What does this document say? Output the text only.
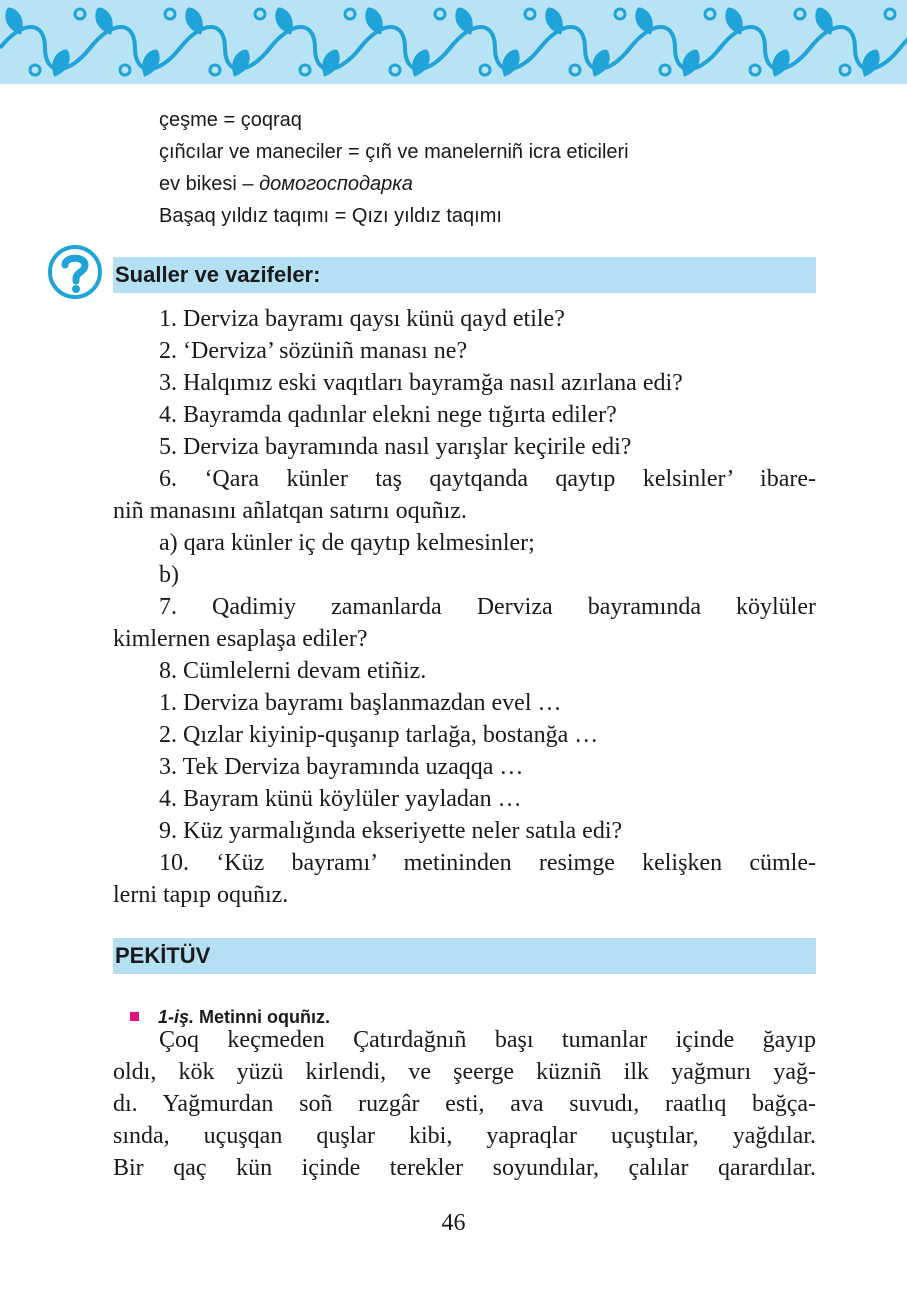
çeşme = çoqraq
çıñcılar ve maneciler = çıñ ve manelerniñ icra eticileri
ev bikesi – домогосподарка
Başaq yıldız taqımı = Qızı yıldız taqımı
Sualler ve vazifeler:
1. Derviza bayramı qaysı künü qayd etile?
2. ‘Derviza’ sözüniñ manası ne?
3. Halqımız eski vaqıtları bayramğa nasıl azırlana edi?
4. Bayramda qadınlar elekni nege tığırta ediler?
5. Derviza bayramında nasıl yarışlar keçirile edi?
6. ‘Qara künler taş qaytqanda qaytıp kelsinler’ ibare-
niñ manasını añlatqan satırnı oquñız.
a) qara künler iç de qaytıp kelmesinler;
b)
7. Qadimiy zamanlarda Derviza bayramında köylüler
kimlernen esaplaşa ediler?
8. Cümlelerni devam etiñiz.
1. Derviza bayramı başlanmazdan evel …
2. Qızlar kiyinip-quşanıp tarlağa, bostanğa …
3. Tek Derviza bayramında uzaqqa …
4. Bayram künü köylüler yayladan …
9. Küz yarmalığında ekseriyette neler satıla edi?
10. ‘Küz bayramı’ metininden resimge kelişken cümle-
lerni tapıp oquñız.
PEKİTÜV
1-iş. Metinni oquñız.
Çoq keçmeden Çatırdağnıñ başı tumanlar içinde ğayıp
oldı, kök yüzü kirlendi, ve şeerge küzniñ ilk yağmurı yağ-
dı. Yağmurdan soñ ruzgâr esti, ava suvudı, raatlıq bağça-
sında, uçuşqan quşlar kibi, yapraqlar uçuştılar, yağdılar.
Bir qaç kün içinde terekler soyundılar, çalılar qarardılar.
46
